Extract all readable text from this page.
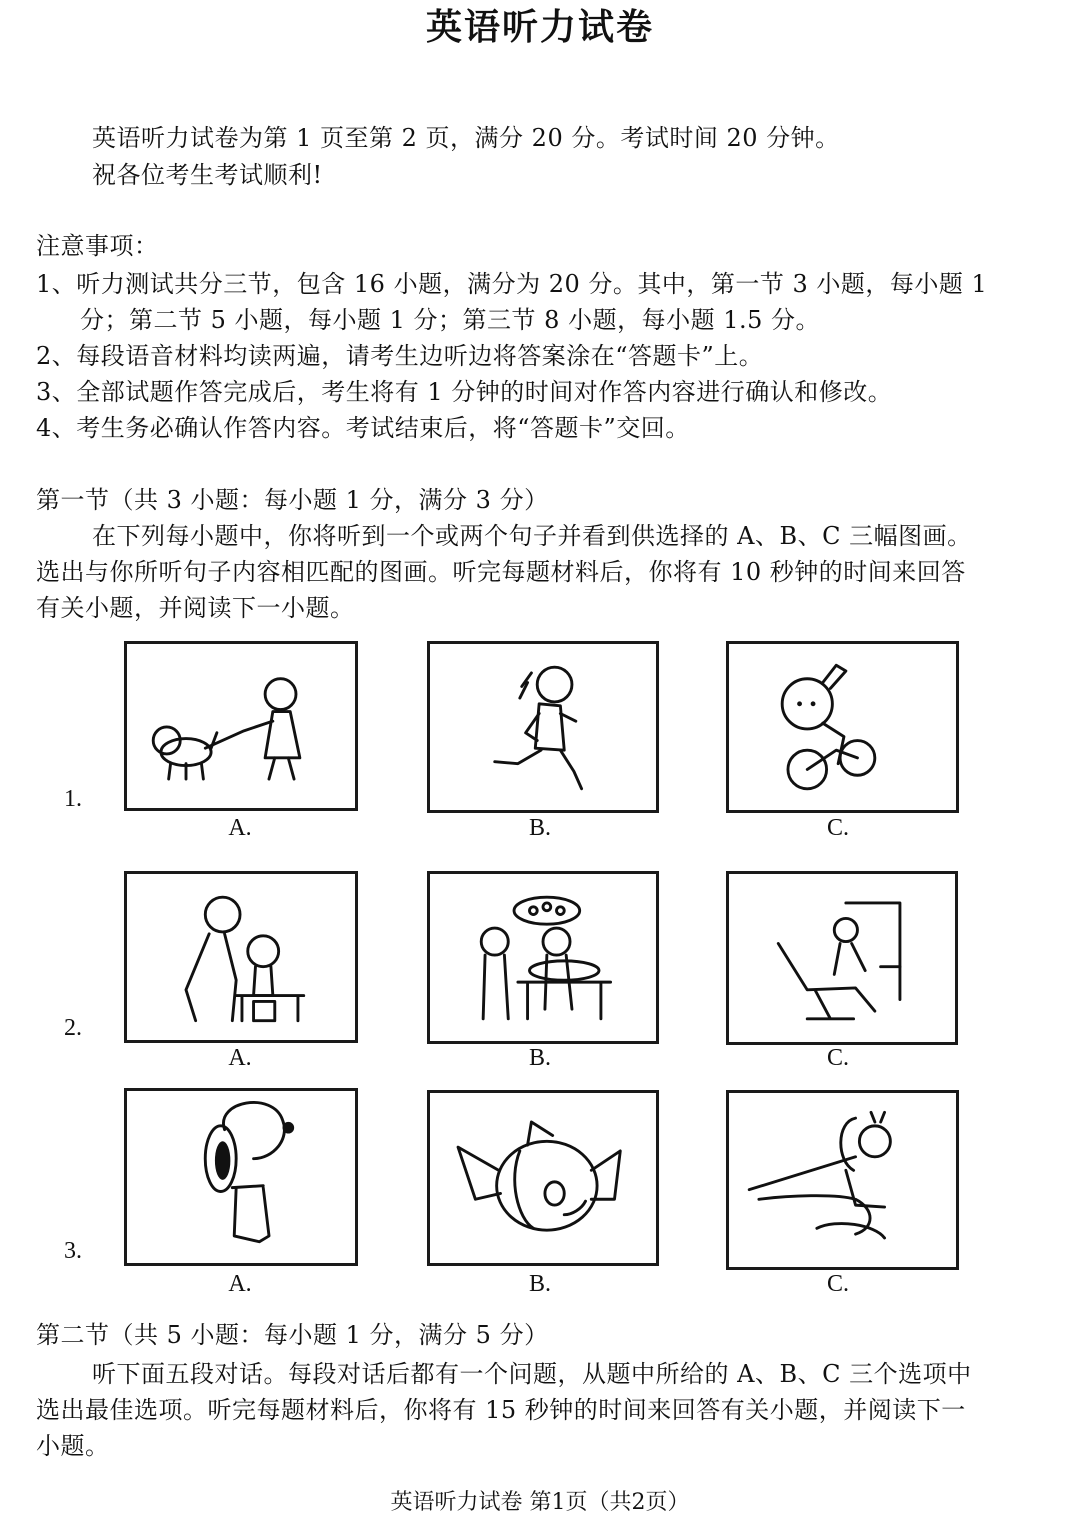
英语听力试卷
英语听力试卷为第 1 页至第 2 页，满分 20 分。考试时间 20 分钟。
祝各位考生考试顺利!
注意事项：
1、听力测试共分三节，包含 16 小题，满分为 20 分。其中，第一节 3 小题，每小题 1
分；第二节 5 小题，每小题 1 分；第三节 8 小题，每小题 1.5 分。
2、每段语音材料均读两遍，请考生边听边将答案涂在“答题卡”上。
3、全部试题作答完成后，考生将有 1 分钟的时间对作答内容进行确认和修改。
4、考生务必确认作答内容。考试结束后，将“答题卡”交回。
第一节（共 3 小题：每小题 1 分，满分 3 分）
在下列每小题中，你将听到一个或两个句子并看到供选择的 A、B、C 三幅图画。
选出与你所听句子内容相匹配的图画。听完每题材料后，你将有 10 秒钟的时间来回答
有关小题，并阅读下一小题。
1.
A.	B.	C.
2.
A.	B.	C.
3.
A.	B.	C.
第二节（共 5 小题：每小题 1 分，满分 5 分）
听下面五段对话。每段对话后都有一个问题，从题中所给的 A、B、C 三个选项中
选出最佳选项。听完每题材料后，你将有 15 秒钟的时间来回答有关小题，并阅读下一
小题。
英语听力试卷 第1页（共2页）
